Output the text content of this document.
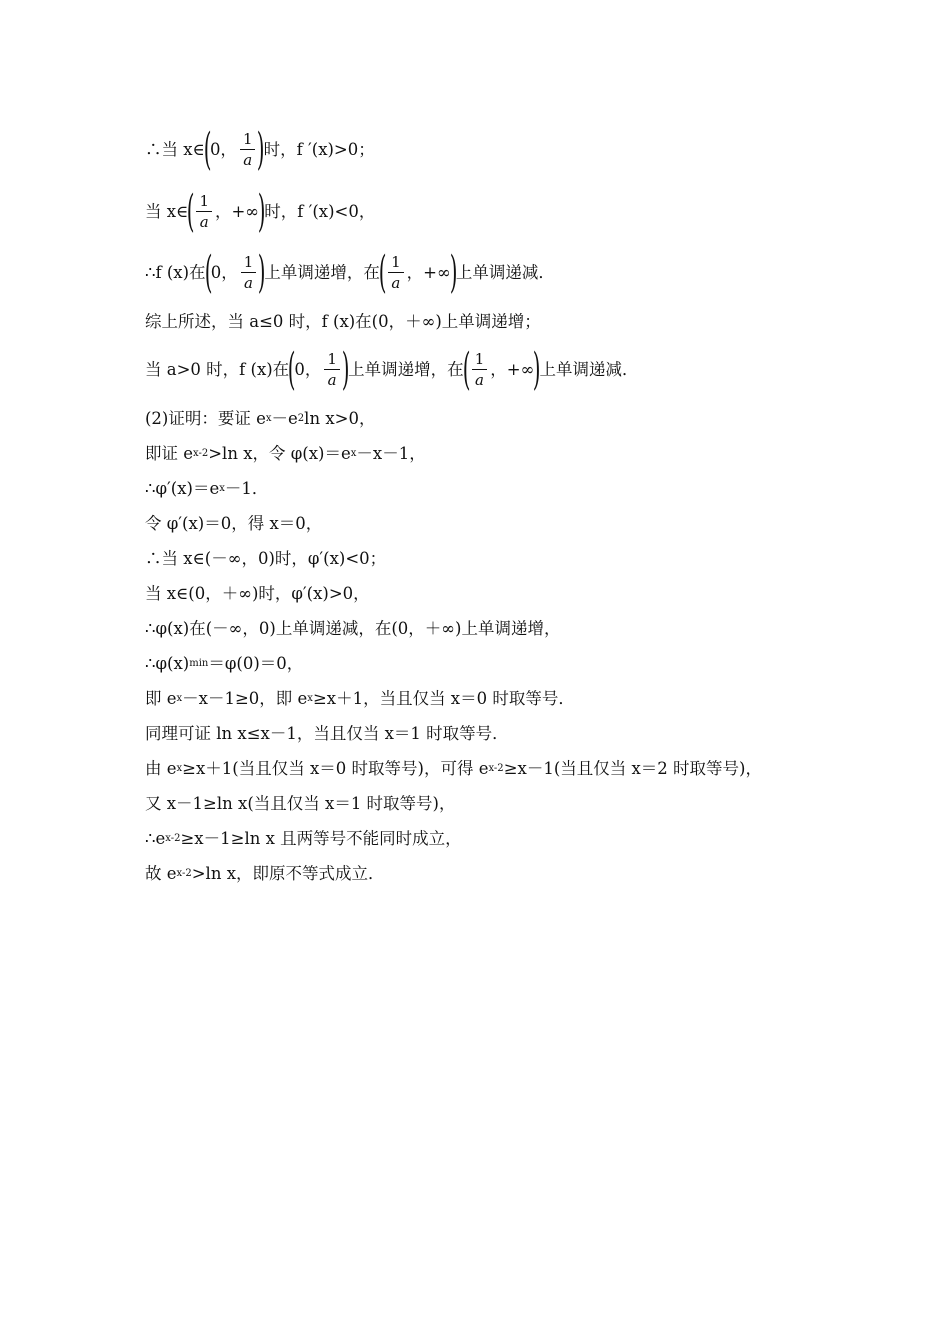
∴当 x∈
(
0， $\frac{1}{a}$ )
时，f ′(x)>0；
当 x∈
( $\frac{1}{a}$ ，+∞
)
时，f ′(x)<0，
∴f (x)在
(
0， $\frac{1}{a}$ )
上单调递增，在
( $\frac{1}{a}$ ，+∞
)
上单调递减．
综上所述，当 a≤0 时，f (x)在(0，＋∞)上单调递增；
当 a>0 时，f (x)在
(
0， $\frac{1}{a}$ )
上单调递增，在
( $\frac{1}{a}$ ，+∞
)
上单调递减．
(2)证明：要证 e x －e 2 ln x>0，
即证 e x-2 >ln x，令 φ(x)＝e x －x－1，
∴φ′(x)＝e x －1．
令 φ′(x)＝0，得 x＝0，
∴当 x∈(－∞，0)时，φ′(x)<0；
当 x∈(0，＋∞)时，φ′(x)>0，
∴φ(x)在(－∞，0)上单调递减，在(0，＋∞)上单调递增，
∴φ(x) min ＝φ(0)＝0，
即 e x －x－1≥0，即 e x ≥x＋1，当且仅当 x＝0 时取等号．
同理可证 ln x≤x－1，当且仅当 x＝1 时取等号．
由 e x ≥x＋1(当且仅当 x＝0 时取等号)，可得 e x-2 ≥x－1(当且仅当 x＝2 时取等号)，
又 x－1≥ln x(当且仅当 x＝1 时取等号)，
∴e x-2 ≥x－1≥ln x 且两等号不能同时成立，
故 e x-2 >ln x，即原不等式成立．
